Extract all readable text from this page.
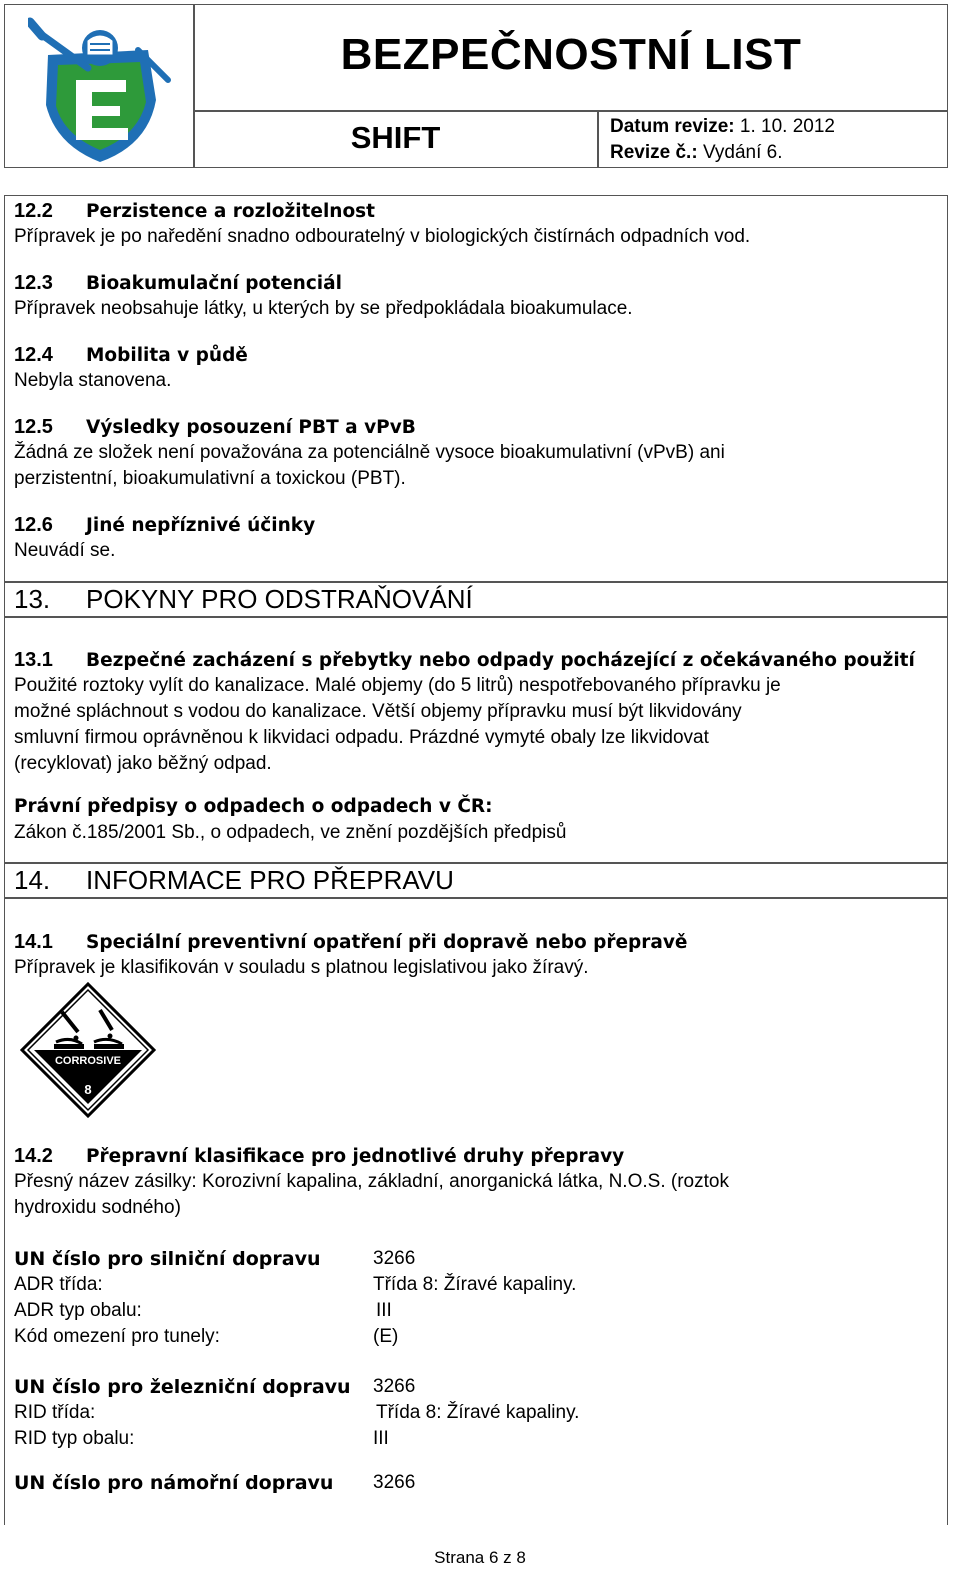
BEZPEČNOSTNÍ LIST
SHIFT	Datum revize: 1. 10. 2012
Revize č.: Vydání 6.
12.2 Perzistence a rozložitelnost
Přípravek je po naředění snadno odbouratelný v biologických čistírnách odpadních vod.
12.3 Bioakumulační potenciál
Přípravek neobsahuje látky, u kterých by se předpokládala bioakumulace.
12.4 Mobilita v půdě
Nebyla stanovena.
12.5 Výsledky posouzení PBT a vPvB
Žádná ze složek není považována za potenciálně vysoce bioakumulativní (vPvB) ani
perzistentní, bioakumulativní a toxickou (PBT).
12.6 Jiné nepříznivé účinky
Neuvádí se.
13. POKYNY PRO ODSTRAŇOVÁNÍ
13.1 Bezpečné zacházení s přebytky nebo odpady pocházející z očekávaného použití
Použité roztoky vylít do kanalizace. Malé objemy (do 5 litrů) nespotřebovaného přípravku je
možné spláchnout s vodou do kanalizace. Větší objemy přípravku musí být likvidovány
smluvní firmou oprávněnou k likvidaci odpadu. Prázdné vymyté obaly lze likvidovat
(recyklovat) jako běžný odpad.
Právní předpisy o odpadech o odpadech v ČR:
Zákon č.185/2001 Sb., o odpadech, ve znění pozdějších předpisů
14. INFORMACE PRO PŘEPRAVU
14.1 Speciální preventivní opatření při dopravě nebo přepravě
Přípravek je klasifikován v souladu s platnou legislativou jako žíravý.
CORROSIVE
8
14.2 Přepravní klasifikace pro jednotlivé druhy přepravy
Přesný název zásilky: Korozivní kapalina, základní, anorganická látka, N.O.S. (roztok
hydroxidu sodného)
UN číslo pro silniční dopravu	3266
ADR třída:	Třída 8: Žíravé kapaliny.
ADR typ obalu:	III
Kód omezení pro tunely:	(E)
UN číslo pro železniční dopravu 3266
RID třída:	Třída 8: Žíravé kapaliny.
RID typ obalu:	III
UN číslo pro námořní dopravu 3266
Strana 6 z 8
